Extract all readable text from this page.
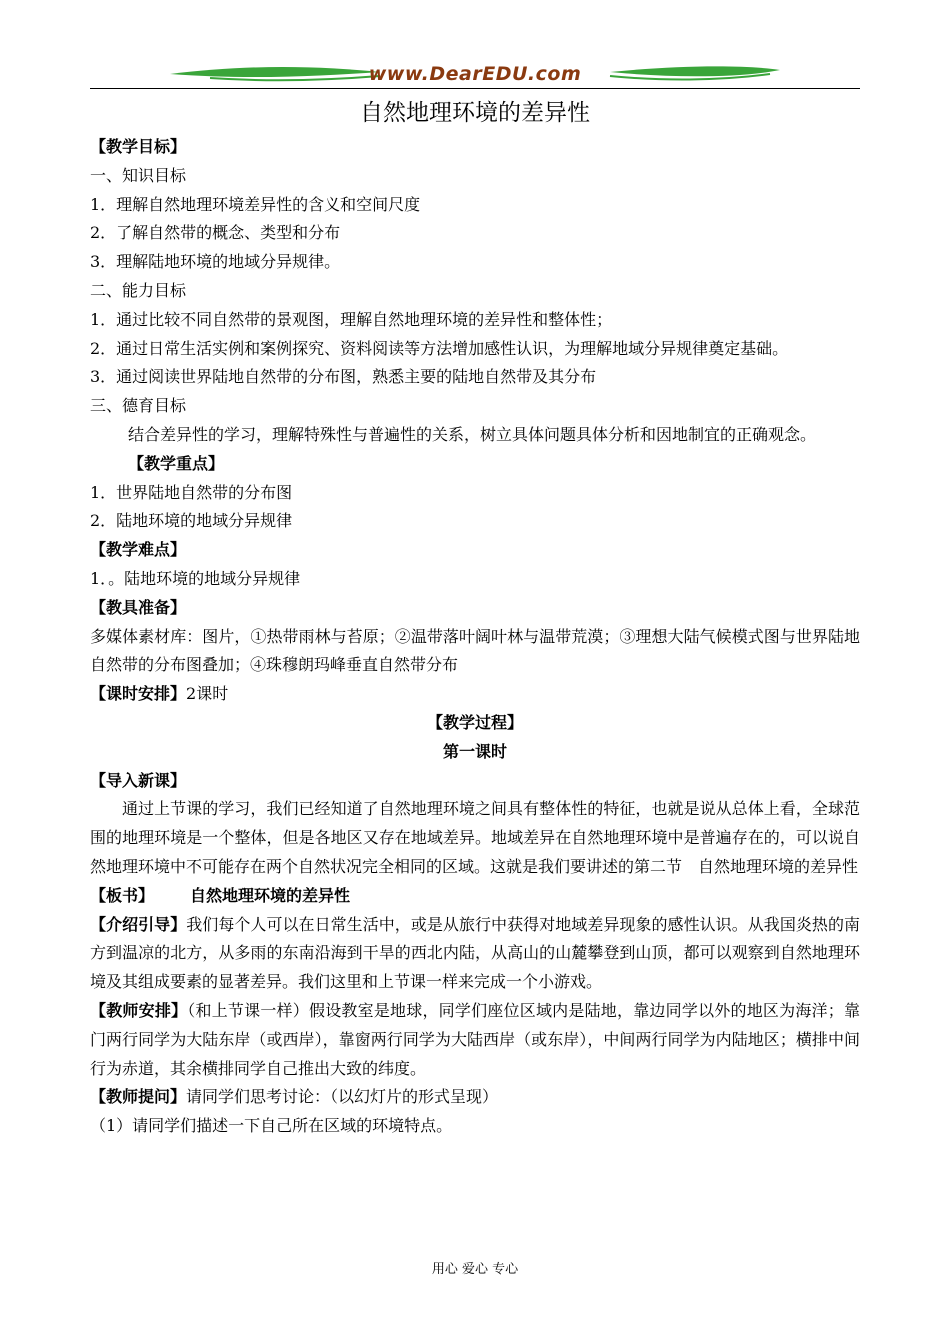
www.DearEDU.com
自然地理环境的差异性

【教学目标】

一、知识目标

1．理解自然地理环境差异性的含义和空间尺度

2．了解自然带的概念、类型和分布

3．理解陆地环境的地域分异规律。

二、能力目标

1．通过比较不同自然带的景观图，理解自然地理环境的差异性和整体性；

2．通过日常生活实例和案例探究、资料阅读等方法增加感性认识，为理解地域分异规律奠定基础。

3．通过阅读世界陆地自然带的分布图，熟悉主要的陆地自然带及其分布

三、德育目标

结合差异性的学习，理解特殊性与普遍性的关系，树立具体问题具体分析和因地制宜的正确观念。

【教学重点】

1．世界陆地自然带的分布图

2．陆地环境的地域分异规律

【教学难点】

1．。陆地环境的地域分异规律

【教具准备】

多媒体素材库：图片，①热带雨林与苔原；②温带落叶阔叶林与温带荒漠；③理想大陆气候模式图与世界陆地自然带的分布图叠加；④珠穆朗玛峰垂直自然带分布

【课时安排】2课时

【教学过程】

第一课时

【导入新课】

通过上节课的学习，我们已经知道了自然地理环境之间具有整体性的特征，也就是说从总体上看，全球范围的地理环境是一个整体，但是各地区又存在地域差异。地域差异在自然地理环境中是普遍存在的，可以说自然地理环境中不可能存在两个自然状况完全相同的区域。这就是我们要讲述的第二节　自然地理环境的差异性

【板书】 自然地理环境的差异性

【介绍引导】我们每个人可以在日常生活中，或是从旅行中获得对地域差异现象的感性认识。从我国炎热的南方到温凉的北方，从多雨的东南沿海到干旱的西北内陆，从高山的山麓攀登到山顶，都可以观察到自然地理环境及其组成要素的显著差异。我们这里和上节课一样来完成一个小游戏。

【教师安排】（和上节课一样）假设教室是地球，同学们座位区域内是陆地，靠边同学以外的地区为海洋；靠门两行同学为大陆东岸（或西岸），靠窗两行同学为大陆西岸（或东岸），中间两行同学为内陆地区；横排中间行为赤道，其余横排同学自己推出大致的纬度。

【教师提问】请同学们思考讨论：（以幻灯片的形式呈现）

（1）请同学们描述一下自己所在区域的环境特点。

用心 爱心 专心
